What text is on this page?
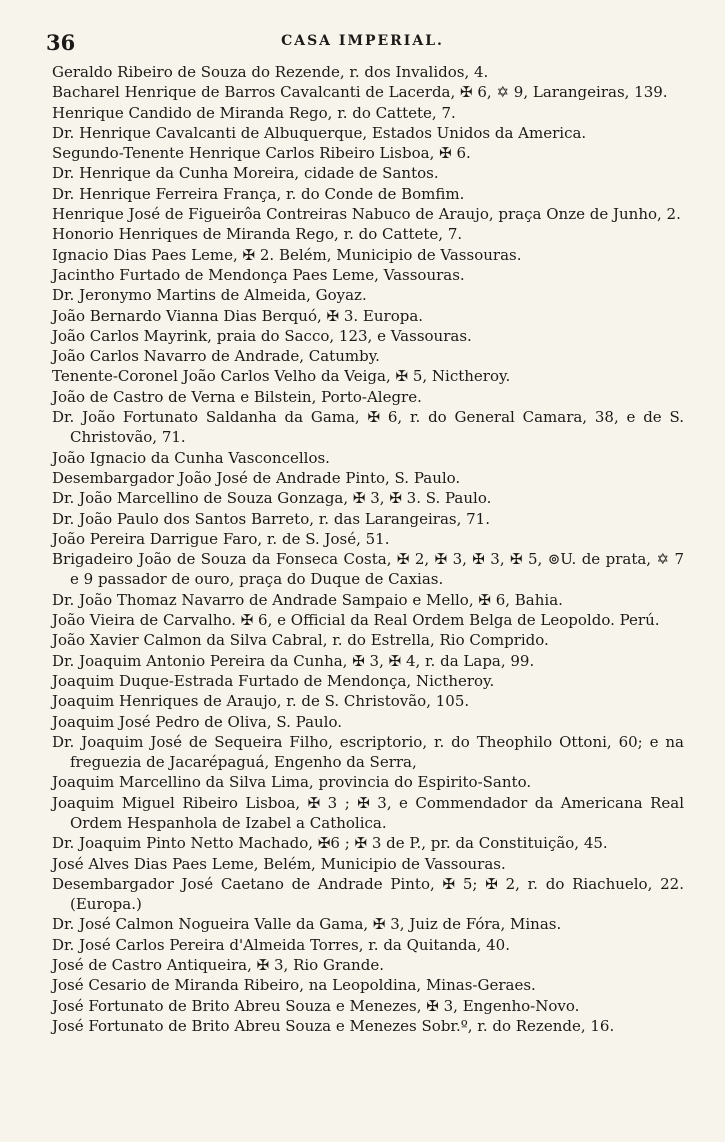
36	CASA IMPERIAL.

Geraldo Ribeiro de Souza do Rezende, r. dos Invalidos, 4.

Bacharel Henrique de Barros Cavalcanti de Lacerda, ✠ 6, ✡ 9, Larangeiras, 139.

Henrique Candido de Miranda Rego, r. do Cattete, 7.

Dr. Henrique Cavalcanti de Albuquerque, Estados Unidos da America.

Segundo-Tenente Henrique Carlos Ribeiro Lisboa, ✠ 6.

Dr. Henrique da Cunha Moreira, cidade de Santos.

Dr. Henrique Ferreira França, r. do Conde de Bomfim.

Henrique José de Figueirôa Contreiras Nabuco de Araujo, praça Onze de Junho, 2.

Honorio Henriques de Miranda Rego, r. do Cattete, 7.

Ignacio Dias Paes Leme, ✠ 2. Belém, Municipio de Vassouras.

Jacintho Furtado de Mendonça Paes Leme, Vassouras.

Dr. Jeronymo Martins de Almeida, Goyaz.

João Bernardo Vianna Dias Berquó, ✠ 3. Europa.

João Carlos Mayrink, praia do Sacco, 123, e Vassouras.

João Carlos Navarro de Andrade, Catumby.

Tenente-Coronel João Carlos Velho da Veiga, ✠ 5, Nictheroy.

João de Castro de Verna e Bilstein, Porto-Alegre.

Dr. João Fortunato Saldanha da Gama, ✠ 6, r. do General Camara, 38, e de S. Christovão, 71.

João Ignacio da Cunha Vasconcellos.

Desembargador João José de Andrade Pinto, S. Paulo.

Dr. João Marcellino de Souza Gonzaga, ✠ 3, ✠ 3. S. Paulo.

Dr. João Paulo dos Santos Barreto, r. das Larangeiras, 71.

João Pereira Darrigue Faro, r. de S. José, 51.

Brigadeiro João de Souza da Fonseca Costa, ✠ 2, ✠ 3, ✠ 3, ✠ 5, ⊚U. de prata, ✡ 7 e 9 passador de ouro, praça do Duque de Caxias.

Dr. João Thomaz Navarro de Andrade Sampaio e Mello, ✠ 6, Bahia.

João Vieira de Carvalho. ✠ 6, e Official da Real Ordem Belga de Leopoldo. Perú.

João Xavier Calmon da Silva Cabral, r. do Estrella, Rio Comprido.

Dr. Joaquim Antonio Pereira da Cunha, ✠ 3, ✠ 4, r. da Lapa, 99.

Joaquim Duque-Estrada Furtado de Mendonça, Nictheroy.

Joaquim Henriques de Araujo, r. de S. Christovão, 105.

Joaquim José Pedro de Oliva, S. Paulo.

Dr. Joaquim José de Sequeira Filho, escriptorio, r. do Theophilo Ottoni, 60; e na freguezia de Jacarépaguá, Engenho da Serra,

Joaquim Marcellino da Silva Lima, provincia do Espirito-Santo.

Joaquim Miguel Ribeiro Lisboa, ✠ 3 ; ✠ 3, e Commendador da Americana Real Ordem Hespanhola de Izabel a Catholica.

Dr. Joaquim Pinto Netto Machado, ✠6 ; ✠ 3 de P., pr. da Constituição, 45.

José Alves Dias Paes Leme, Belém, Municipio de Vassouras.

Desembargador José Caetano de Andrade Pinto, ✠ 5; ✠ 2, r. do Riachuelo, 22. (Europa.)

Dr. José Calmon Nogueira Valle da Gama, ✠ 3, Juiz de Fóra, Minas.

Dr. José Carlos Pereira d'Almeida Torres, r. da Quitanda, 40.

José de Castro Antiqueira, ✠ 3, Rio Grande.

José Cesario de Miranda Ribeiro, na Leopoldina, Minas-Geraes.

José Fortunato de Brito Abreu Souza e Menezes, ✠ 3, Engenho-Novo.

José Fortunato de Brito Abreu Souza e Menezes Sobr.º, r. do Rezende, 16.
